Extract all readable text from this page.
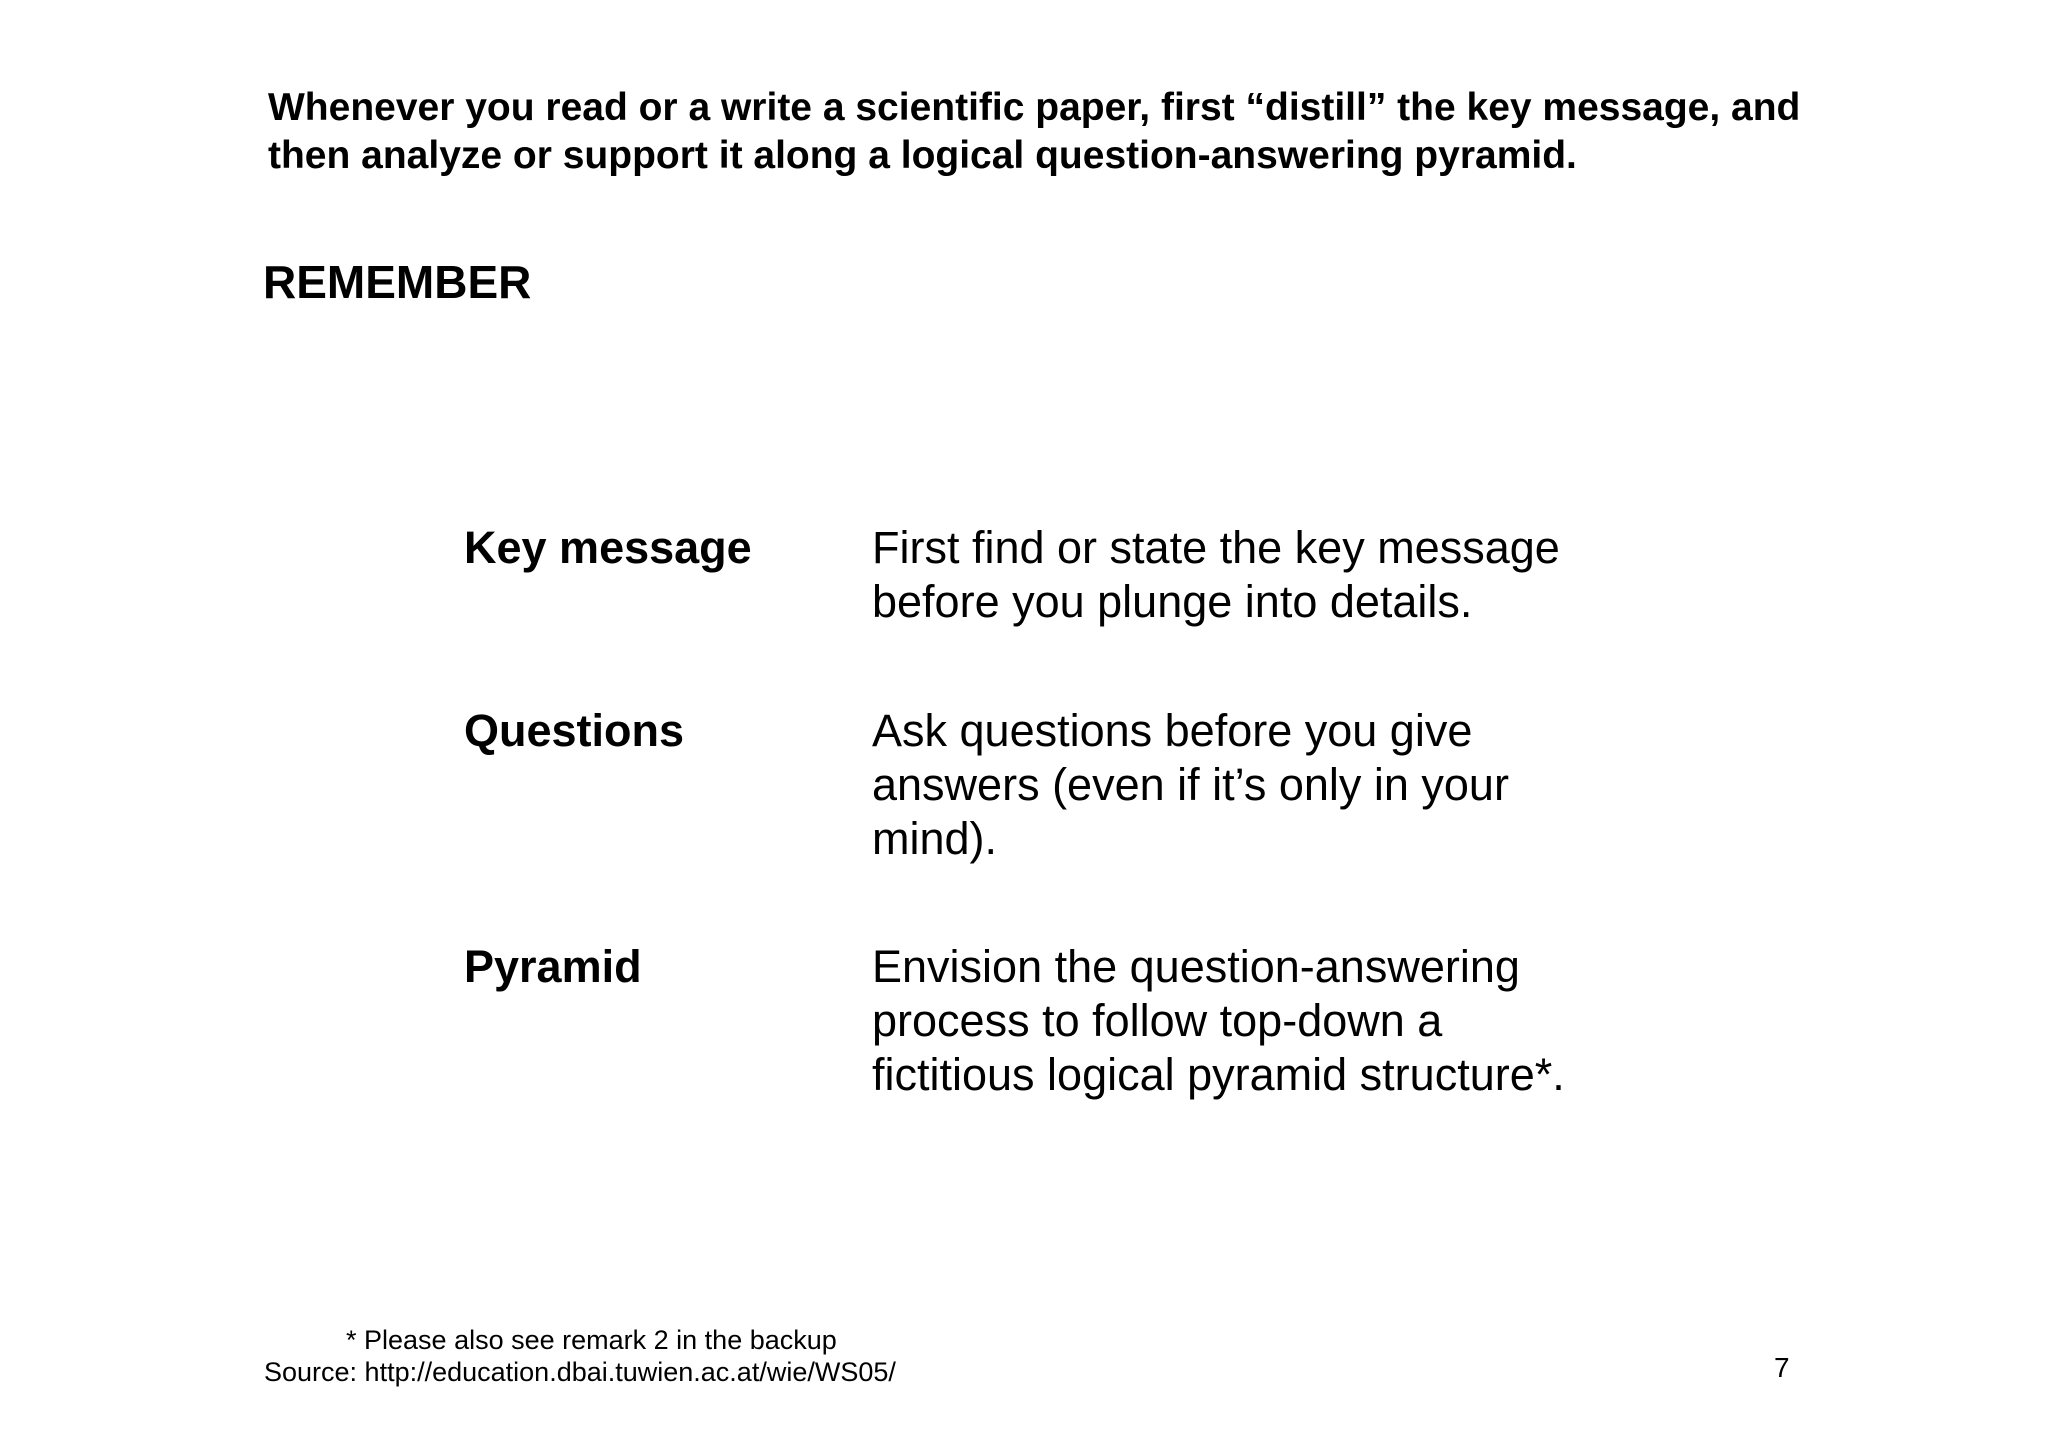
Whenever you read or a write a scientific paper, first “distill” the key message, and
then analyze or support it along a logical question-answering pyramid.
REMEMBER
Key message	First find or state the key message
before you plunge into details.
Questions	Ask questions before you give
answers (even if it’s only in your
mind).
Pyramid	Envision the question-answering
process to follow top-down a
fictitious logical pyramid structure*.
* Please also see remark 2 in the backup
Source: http://education.dbai.tuwien.ac.at/wie/WS05/	7
